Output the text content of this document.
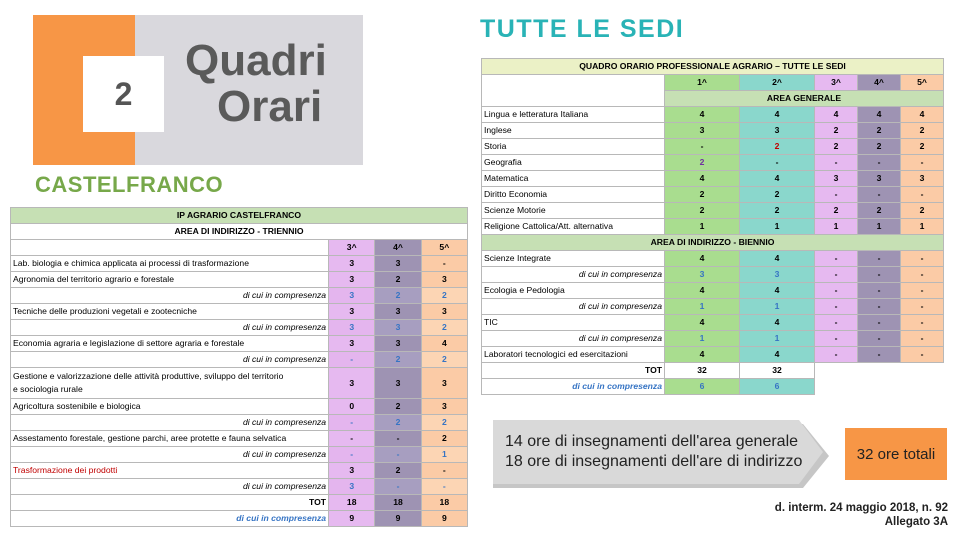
2
Quadri
Orari
CASTELFRANCO
TUTTE LE SEDI
IP AGRARIO CASTELFRANCO			
AREA DI INDIRIZZO - TRIENNIO			
	3^	4^	5^
Lab. biologia e chimica applicata ai processi di trasformazione	3	3	-
Agronomia del territorio agrario e forestale	3	2	3
di cui in compresenza	3	2	2
Tecniche delle produzioni vegetali e zootecniche	3	3	3
di cui in compresenza	3	3	2
Economia agraria e legislazione di settore agraria e forestale	3	3	4
di cui in compresenza	-	2	2

Gestione e valorizzazione delle attività produttive, sviluppo del territorio
e sociologia rurale	3	3	3
Agricoltura sostenibile e biologica	0	2	3
di cui in compresenza	-	2	2
Assestamento forestale, gestione parchi, aree protette e fauna selvatica	-	-	2
di cui in compresenza	-	-	1
Trasformazione dei prodotti	3	2	-
di cui in compresenza	3	-	-
TOT	18	18	18
di cui in compresenza	9	9	9
QUADRO ORARIO PROFESSIONALE AGRARIO – TUTTE LE SEDI					
	1^	2^	3^	4^	5^
	AREA GENERALE				
Lingua e letteratura Italiana	4	4	4	4	4
Inglese	3	3	2	2	2
Storia	-	2	2	2	2
Geografia	2	-	-	-	-
Matematica	4	4	3	3	3
Diritto Economia	2	2	-	-	-
Scienze Motorie	2	2	2	2	2
Religione Cattolica/Att. alternativa	1	1	1	1	1
AREA DI INDIRIZZO - BIENNIO					
Scienze Integrate	4	4	-	-	-
di cui in compresenza	3	3	-	-	-
Ecologia e Pedologia	4	4	-	-	-
di cui in compresenza	1	1	-	-	-
TIC	4	4	-	-	-
di cui in compresenza	1	1	-	-	-
Laboratori tecnologici ed esercitazioni	4	4	-	-	-
TOT	32	32			
di cui in compresenza	6	6			
14 ore di insegnamenti dell'area generale
18 ore di insegnamenti dell'are di indirizzo	32 ore totali
d. interm. 24 maggio 2018, n. 92
Allegato 3A
